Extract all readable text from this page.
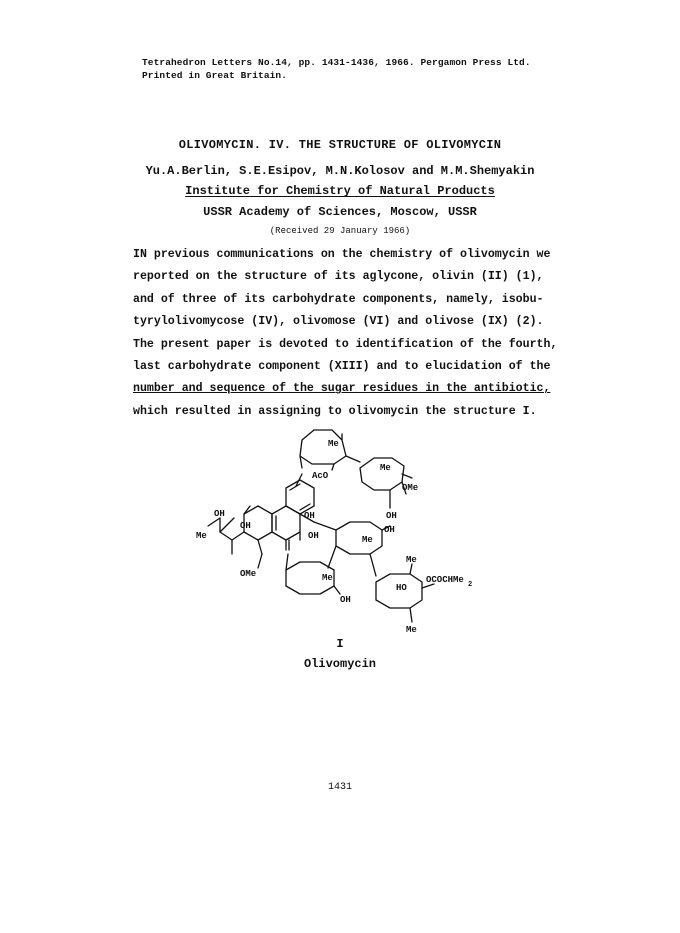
Tetrahedron Letters No.14, pp. 1431-1436, 1966. Pergamon Press Ltd.
Printed in Great Britain.
OLIVOMYCIN. IV. THE STRUCTURE OF OLIVOMYCIN
Yu.A.Berlin, S.E.Esipov, M.N.Kolosov and M.M.Shemyakin
Institute for Chemistry of Natural Products
USSR Academy of Sciences, Moscow, USSR
(Received 29 January 1966)
IN previous communications on the chemistry of olivomycin we
reported on the structure of its aglycone, olivin (II) (1),
and of three of its carbohydrate components, namely, isobu-
tyrylolivomycose (IV), olivomose (VI) and olivose (IX) (2).
The present paper is devoted to identification of the fourth,
last carbohydrate component (XIII) and to elucidation of the
number and sequence of the sugar residues in the antibiotic,
which resulted in assigning to olivomycin the structure I.
Me
AcO
Me
OMe
OH
OH
OH
OH
Me
OMe
OH	Me
OH
Me
OH
Me
HO
OCOCHMe 2
Me
I
Olivomycin
1431
